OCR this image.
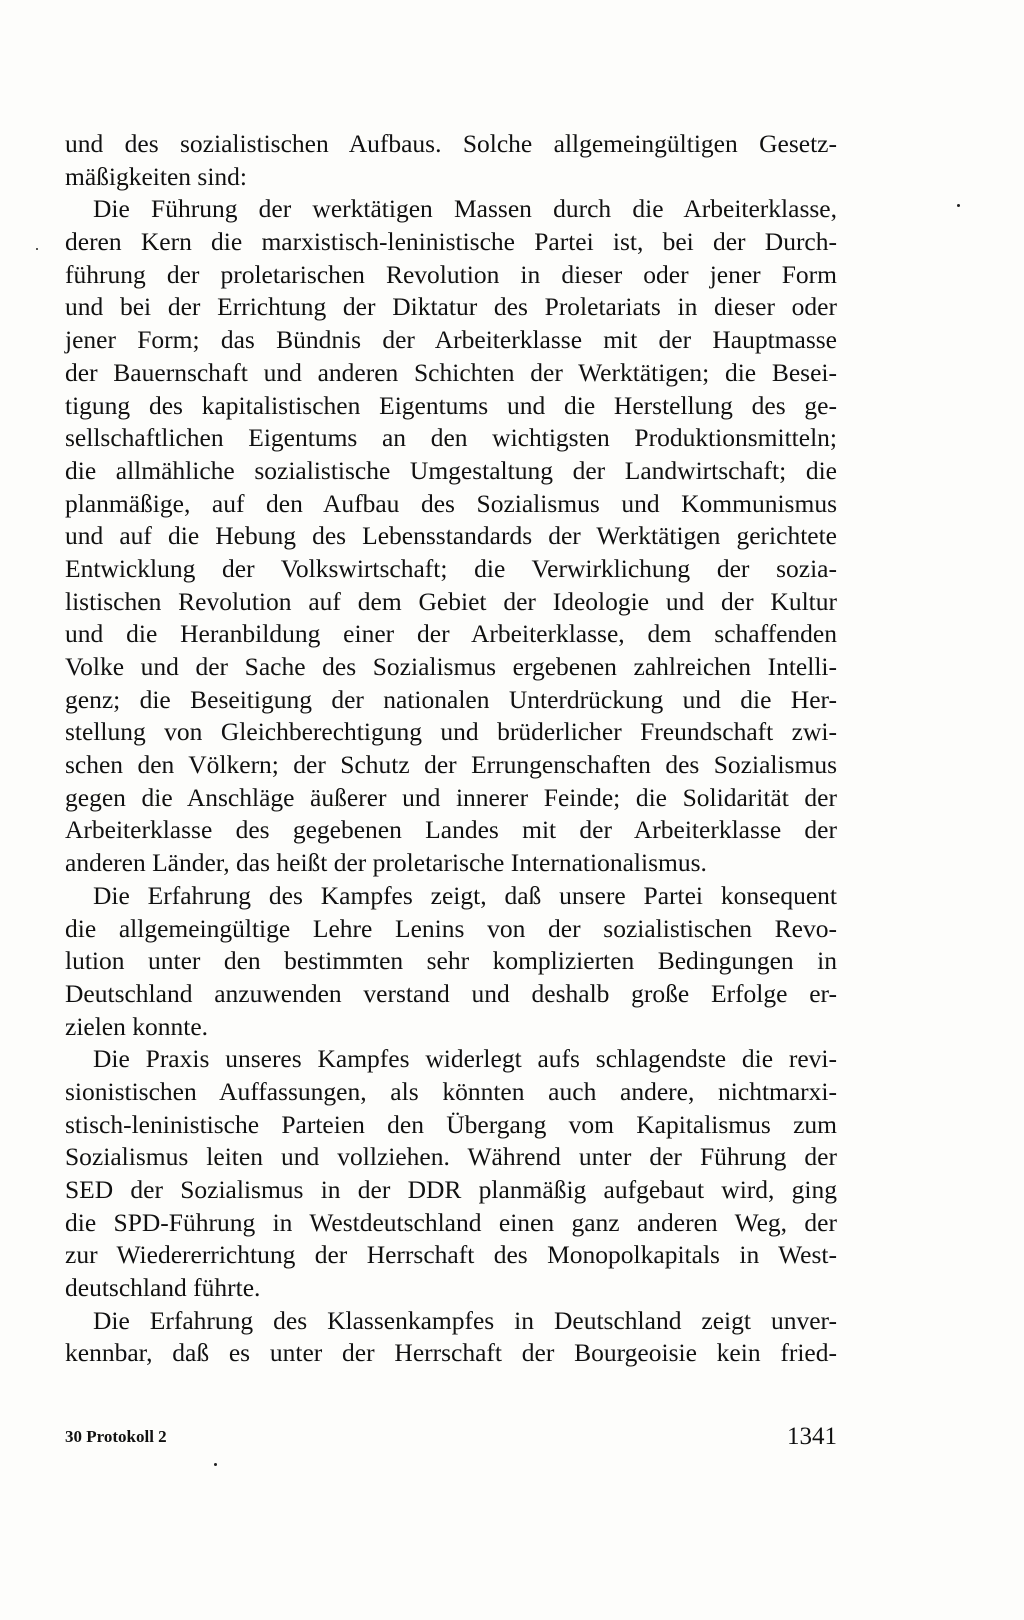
und des sozialistischen Aufbaus. Solche allgemeingültigen Gesetz-
mäßigkeiten sind:
Die Führung der werktätigen Massen durch die Arbeiterklasse,
deren Kern die marxistisch-leninistische Partei ist, bei der Durch-
führung der proletarischen Revolution in dieser oder jener Form
und bei der Errichtung der Diktatur des Proletariats in dieser oder
jener Form; das Bündnis der Arbeiterklasse mit der Hauptmasse
der Bauernschaft und anderen Schichten der Werktätigen; die Besei-
tigung des kapitalistischen Eigentums und die Herstellung des ge-
sellschaftlichen Eigentums an den wichtigsten Produktionsmitteln;
die allmähliche sozialistische Umgestaltung der Landwirtschaft; die
planmäßige, auf den Aufbau des Sozialismus und Kommunismus
und auf die Hebung des Lebensstandards der Werktätigen gerichtete
Entwicklung der Volkswirtschaft; die Verwirklichung der sozia-
listischen Revolution auf dem Gebiet der Ideologie und der Kultur
und die Heranbildung einer der Arbeiterklasse, dem schaffenden
Volke und der Sache des Sozialismus ergebenen zahlreichen Intelli-
genz; die Beseitigung der nationalen Unterdrückung und die Her-
stellung von Gleichberechtigung und brüderlicher Freundschaft zwi-
schen den Völkern; der Schutz der Errungenschaften des Sozialismus
gegen die Anschläge äußerer und innerer Feinde; die Solidarität der
Arbeiterklasse des gegebenen Landes mit der Arbeiterklasse der
anderen Länder, das heißt der proletarische Internationalismus.
Die Erfahrung des Kampfes zeigt, daß unsere Partei konsequent
die allgemeingültige Lehre Lenins von der sozialistischen Revo-
lution unter den bestimmten sehr komplizierten Bedingungen in
Deutschland anzuwenden verstand und deshalb große Erfolge er-
zielen konnte.
Die Praxis unseres Kampfes widerlegt aufs schlagendste die revi-
sionistischen Auffassungen, als könnten auch andere, nichtmarxi-
stisch-leninistische Parteien den Übergang vom Kapitalismus zum
Sozialismus leiten und vollziehen. Während unter der Führung der
SED der Sozialismus in der DDR planmäßig aufgebaut wird, ging
die SPD-Führung in Westdeutschland einen ganz anderen Weg, der
zur Wiedererrichtung der Herrschaft des Monopolkapitals in West-
deutschland führte.
Die Erfahrung des Klassenkampfes in Deutschland zeigt unver-
kennbar, daß es unter der Herrschaft der Bourgeoisie kein fried-
30 Protokoll 2	1341
